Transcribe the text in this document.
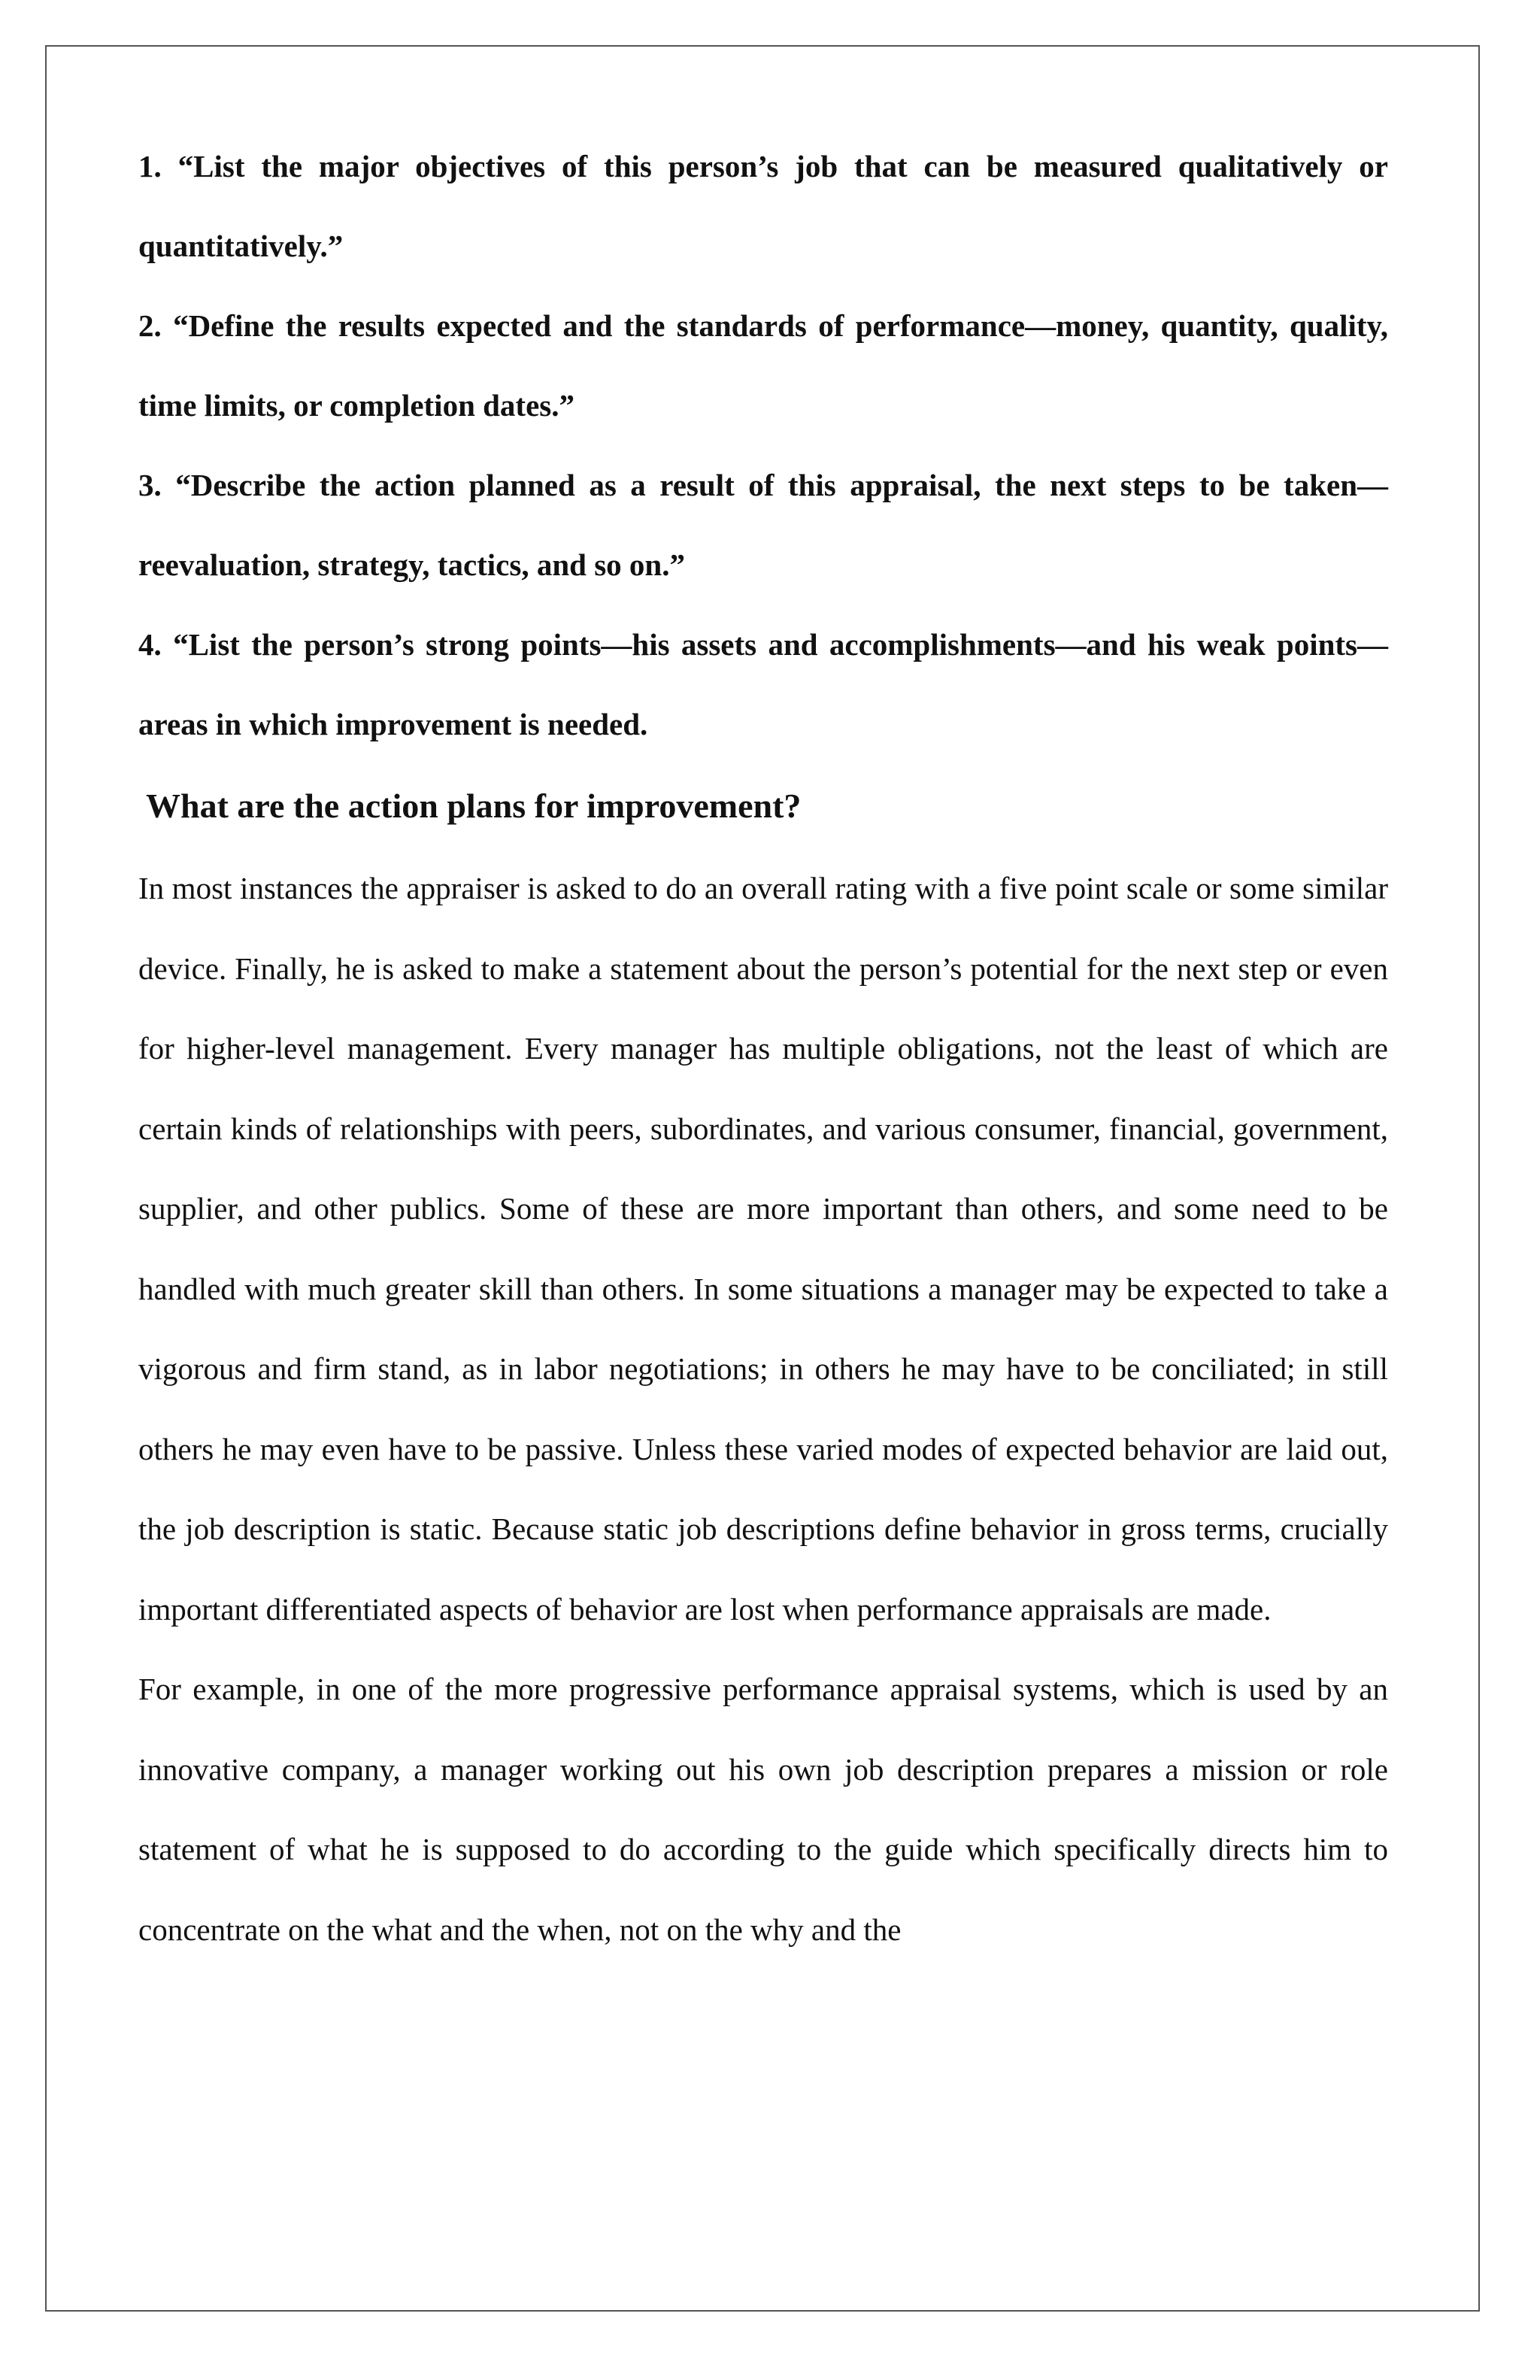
1. “List the major objectives of this person’s job that can be measured qualitatively or quantitatively.”

2. “Define the results expected and the standards of performance—money, quantity, quality, time limits, or completion dates.”

3. “Describe the action planned as a result of this appraisal, the next steps to be taken—reevaluation, strategy, tactics, and so on.”

4. “List the person’s strong points—his assets and accomplishments—and his weak points—areas in which improvement is needed.

What are the action plans for improvement?

In most instances the appraiser is asked to do an overall rating with a five point scale or some similar device. Finally, he is asked to make a statement about the person’s potential for the next step or even for higher-level management. Every manager has multiple obligations, not the least of which are certain kinds of relationships with peers, subordinates, and various consumer, financial, government, supplier, and other publics. Some of these are more important than others, and some need to be handled with much greater skill than others. In some situations a manager may be expected to take a vigorous and firm stand, as in labor negotiations; in others he may have to be conciliated; in still others he may even have to be passive. Unless these varied modes of expected behavior are laid out, the job description is static. Because static job descriptions define behavior in gross terms, crucially important differentiated aspects of behavior are lost when performance appraisals are made.

For example, in one of the more progressive performance appraisal systems, which is used by an innovative company, a manager working out his own job description prepares a mission or role statement of what he is supposed to do according to the guide which specifically directs him to concentrate on the what and the when, not on the why and the
